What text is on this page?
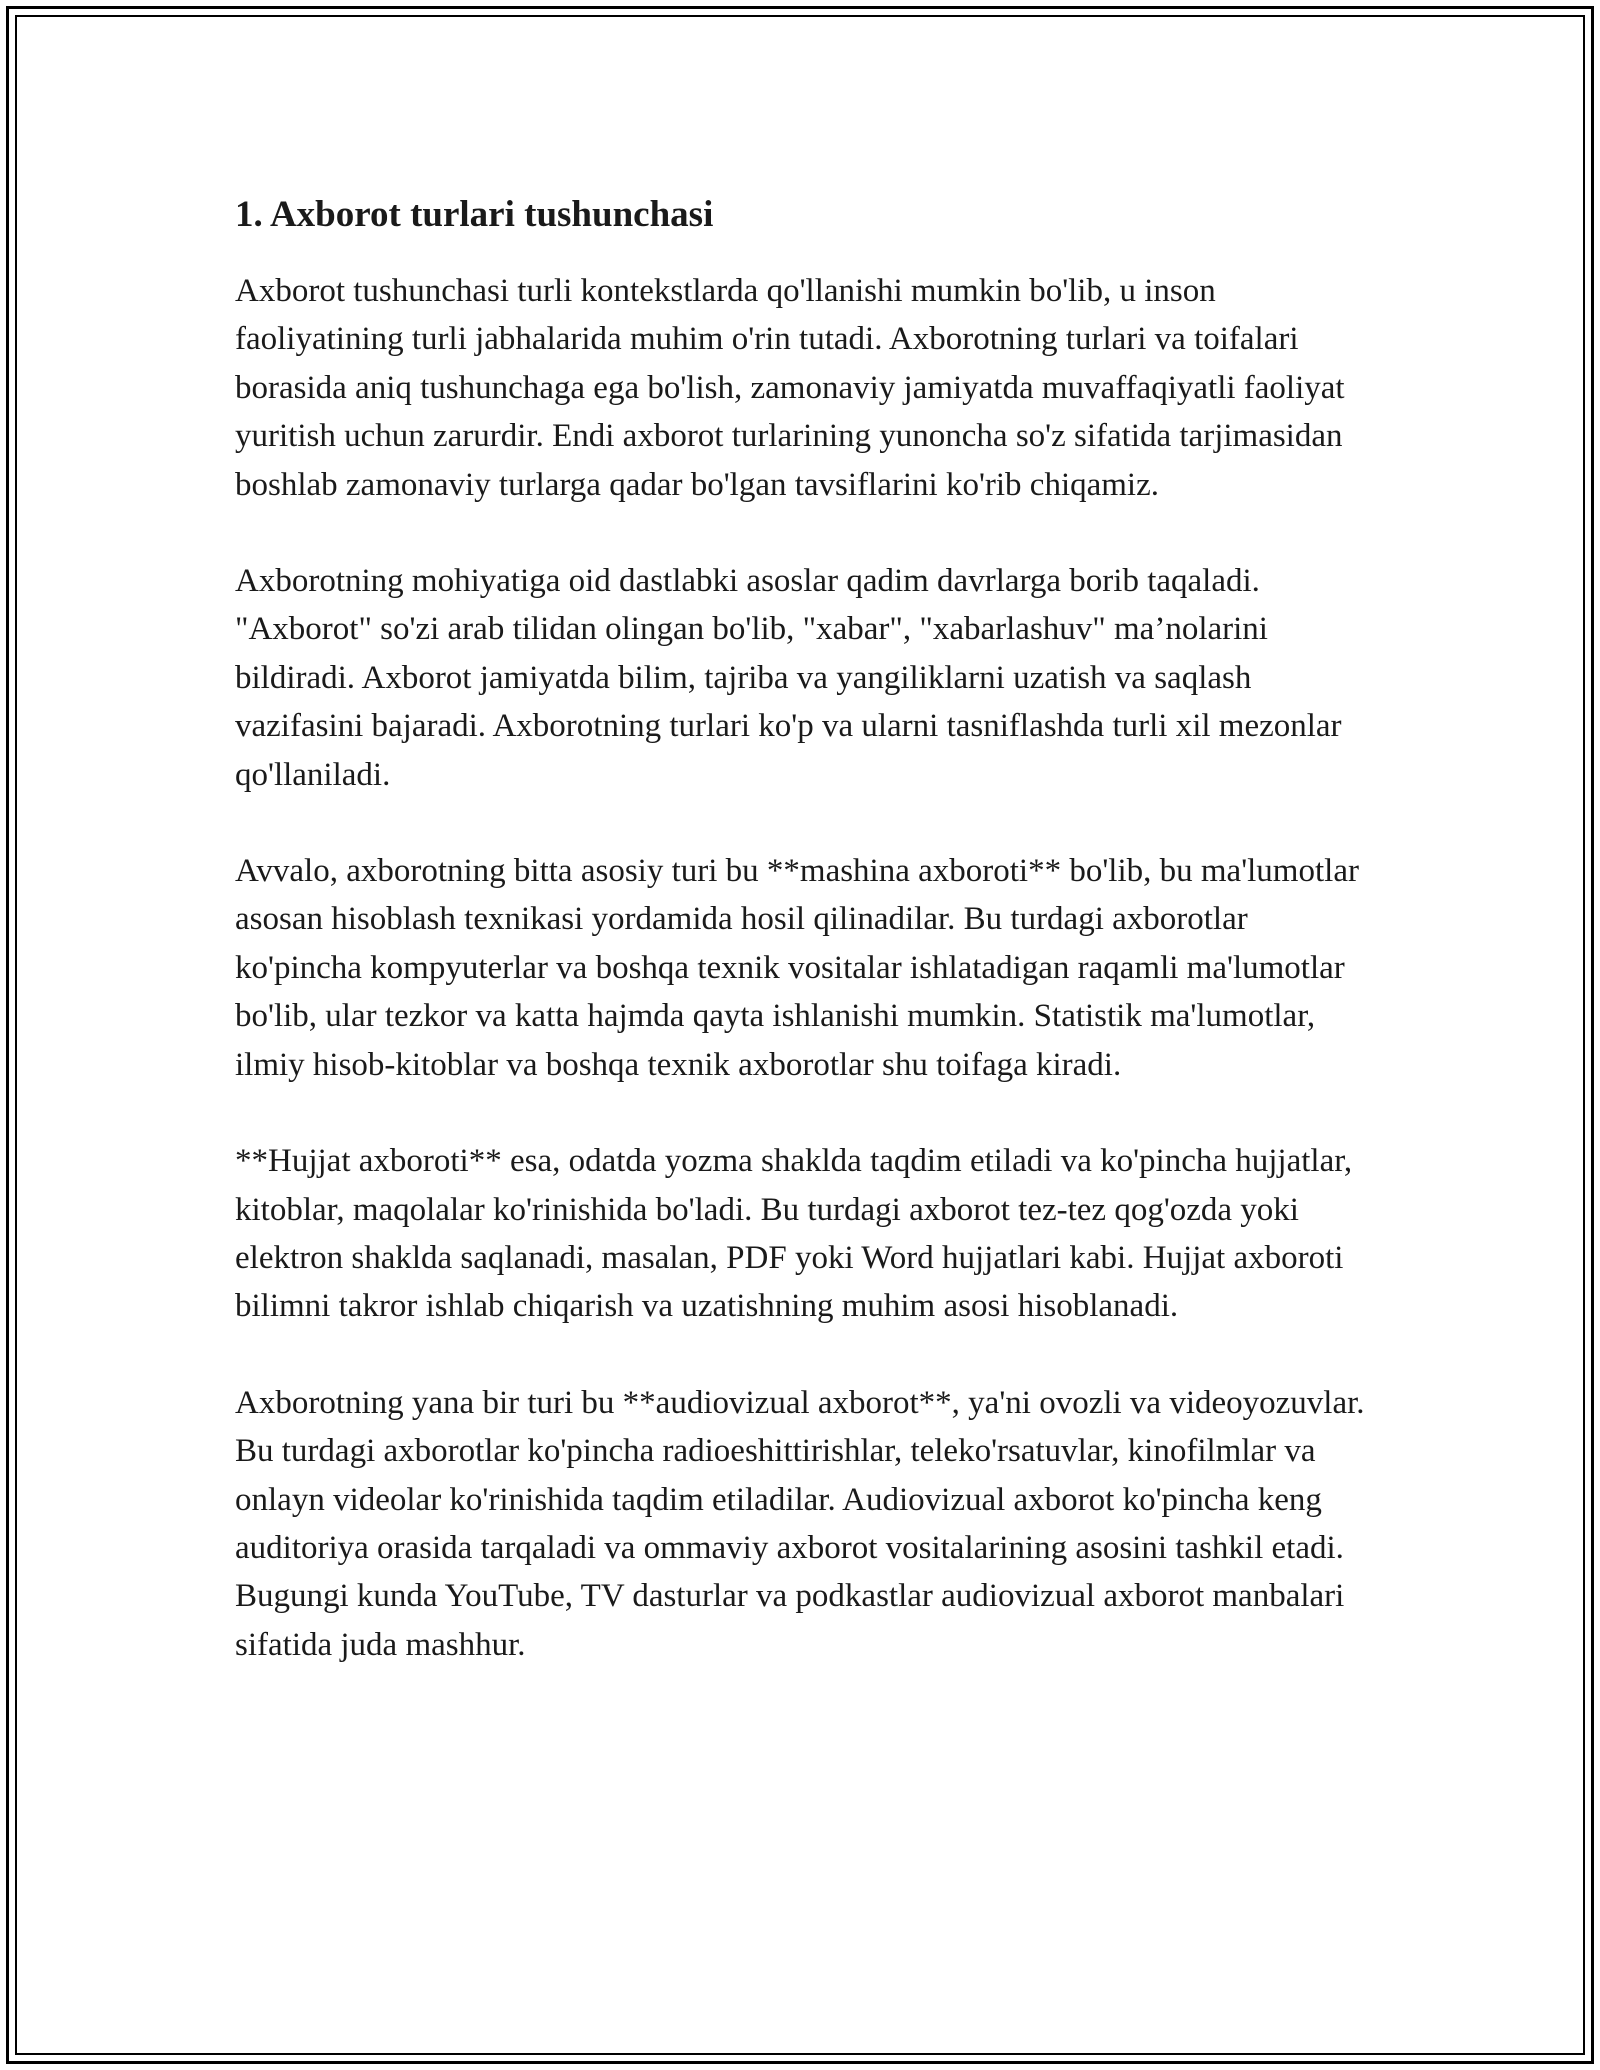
1. Axborot turlari tushunchasi

Axborot tushunchasi turli kontekstlarda qo'llanishi mumkin bo'lib, u inson faoliyatining turli jabhalarida muhim o'rin tutadi. Axborotning turlari va toifalari borasida aniq tushunchaga ega bo'lish, zamonaviy jamiyatda muvaffaqiyatli faoliyat yuritish uchun zarurdir. Endi axborot turlarining yunoncha so'z sifatida tarjimasidan boshlab zamonaviy turlarga qadar bo'lgan tavsiflarini ko'rib chiqamiz.

Axborotning mohiyatiga oid dastlabki asoslar qadim davrlarga borib taqaladi. "Axborot" so'zi arab tilidan olingan bo'lib, "xabar", "xabarlashuv" ma’nolarini bildiradi. Axborot jamiyatda bilim, tajriba va yangiliklarni uzatish va saqlash vazifasini bajaradi. Axborotning turlari ko'p va ularni tasniflashda turli xil mezonlar qo'llaniladi.

Avvalo, axborotning bitta asosiy turi bu **mashina axboroti** bo'lib, bu ma'lumotlar asosan hisoblash texnikasi yordamida hosil qilinadilar. Bu turdagi axborotlar ko'pincha kompyuterlar va boshqa texnik vositalar ishlatadigan raqamli ma'lumotlar bo'lib, ular tezkor va katta hajmda qayta ishlanishi mumkin. Statistik ma'lumotlar, ilmiy hisob-kitoblar va boshqa texnik axborotlar shu toifaga kiradi.

**Hujjat axboroti** esa, odatda yozma shaklda taqdim etiladi va ko'pincha hujjatlar, kitoblar, maqolalar ko'rinishida bo'ladi. Bu turdagi axborot tez-tez qog'ozda yoki elektron shaklda saqlanadi, masalan, PDF yoki Word hujjatlari kabi. Hujjat axboroti bilimni takror ishlab chiqarish va uzatishning muhim asosi hisoblanadi.

Axborotning yana bir turi bu **audiovizual axborot**, ya'ni ovozli va videoyozuvlar. Bu turdagi axborotlar ko'pincha radioeshittirishlar, teleko'rsatuvlar, kinofilmlar va onlayn videolar ko'rinishida taqdim etiladilar. Audiovizual axborot ko'pincha keng auditoriya orasida tarqaladi va ommaviy axborot vositalarining asosini tashkil etadi. Bugungi kunda YouTube, TV dasturlar va podkastlar audiovizual axborot manbalari sifatida juda mashhur.
